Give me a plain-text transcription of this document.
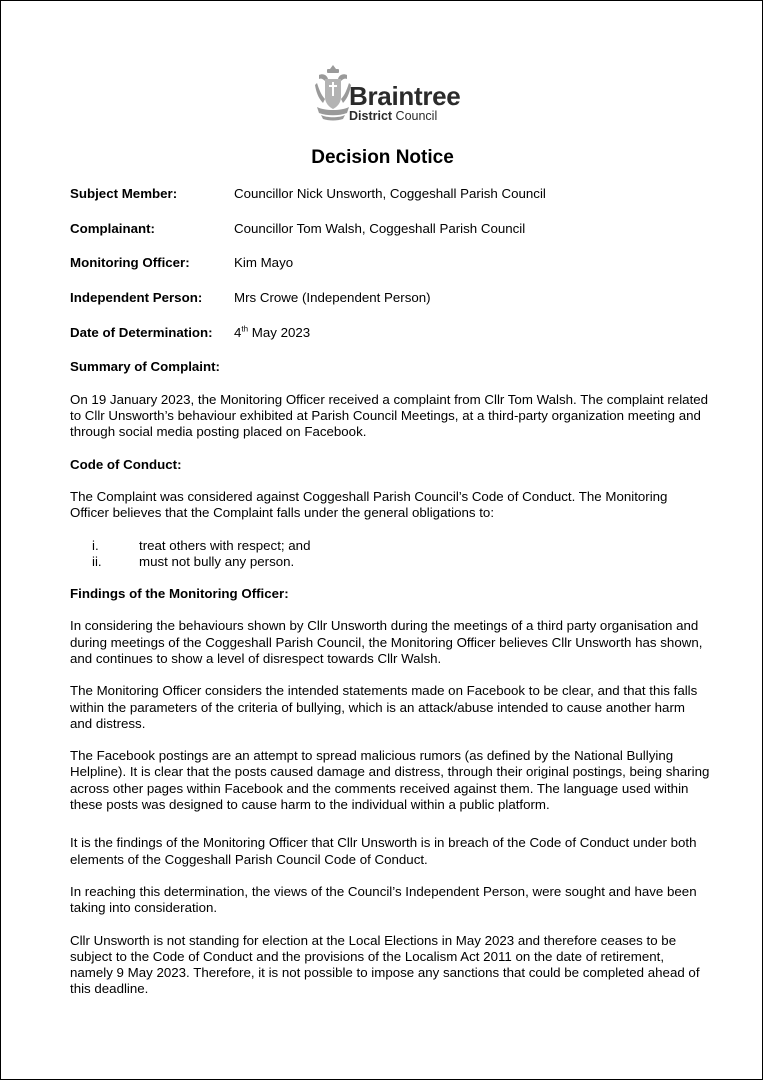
Braintree
District Council
Decision Notice
Subject Member:	Councillor Nick Unsworth, Coggeshall Parish Council
Complainant:	Councillor Tom Walsh, Coggeshall Parish Council
Monitoring Officer:	Kim Mayo
Independent Person:	Mrs Crowe (Independent Person)
Date of Determination:	4th May 2023
Summary of Complaint:

On 19 January 2023, the Monitoring Officer received a complaint from Cllr Tom Walsh. The complaint related to Cllr Unsworth’s behaviour exhibited at Parish Council Meetings, at a third-party organization meeting and through social media posting placed on Facebook.

Code of Conduct:

The Complaint was considered against Coggeshall Parish Council’s Code of Conduct. The Monitoring Officer believes that the Complaint falls under the general obligations to:

i.	treat others with respect; and
ii.	must not bully any person.
Findings of the Monitoring Officer:

In considering the behaviours shown by Cllr Unsworth during the meetings of a third party organisation and during meetings of the Coggeshall Parish Council, the Monitoring Officer believes Cllr Unsworth has shown, and continues to show a level of disrespect towards Cllr Walsh.

The Monitoring Officer considers the intended statements made on Facebook to be clear, and that this falls within the parameters of the criteria of bullying, which is an attack/abuse intended to cause another harm and distress.

The Facebook postings are an attempt to spread malicious rumors (as defined by the National Bullying Helpline). It is clear that the posts caused damage and distress, through their original postings, being sharing across other pages within Facebook and the comments received against them. The language used within these posts was designed to cause harm to the individual within a public platform.

It is the findings of the Monitoring Officer that Cllr Unsworth is in breach of the Code of Conduct under both elements of the Coggeshall Parish Council Code of Conduct.

In reaching this determination, the views of the Council’s Independent Person, were sought and have been taking into consideration.

Cllr Unsworth is not standing for election at the Local Elections in May 2023 and therefore ceases to be subject to the Code of Conduct and the provisions of the Localism Act 2011 on the date of retirement, namely 9 May 2023. Therefore, it is not possible to impose any sanctions that could be completed ahead of this deadline.
